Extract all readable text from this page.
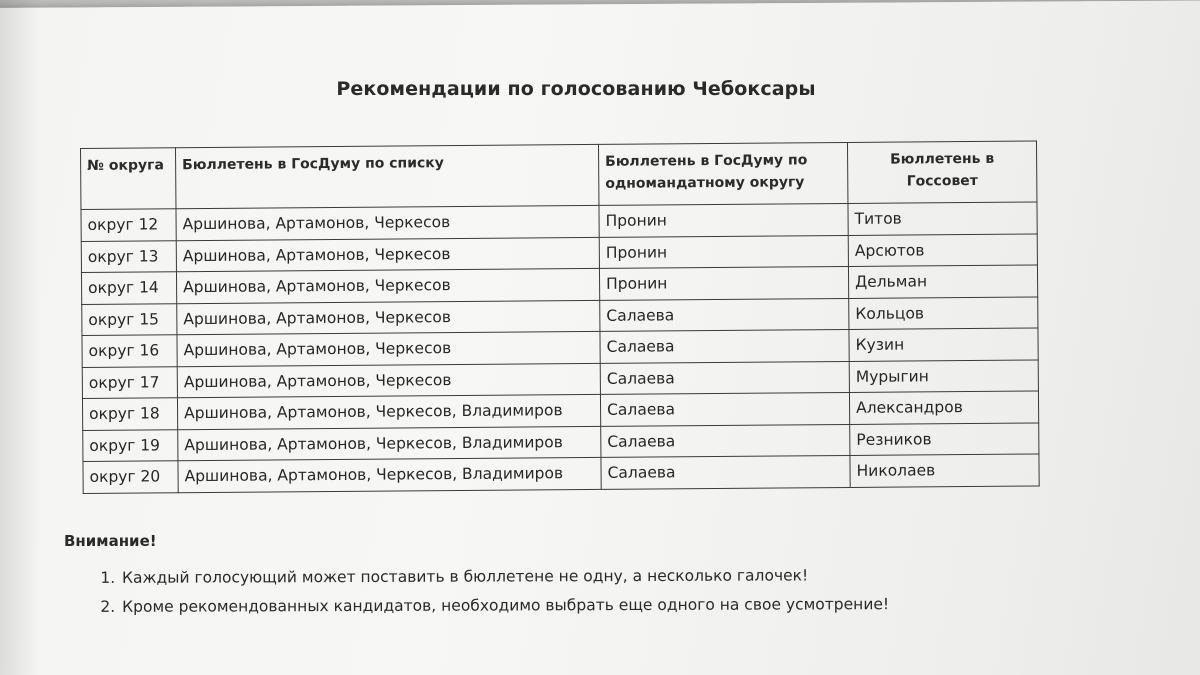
Рекомендации по голосованию Чебоксары
№ округа	Бюллетень в ГосДуму по списку	Бюллетень в ГосДуму по одномандатному округу	Бюллетень в Госсовет
округ 12	Аршинова, Артамонов, Черкесов	Пронин	Титов
округ 13	Аршинова, Артамонов, Черкесов	Пронин	Арсютов
округ 14	Аршинова, Артамонов, Черкесов	Пронин	Дельман
округ 15	Аршинова, Артамонов, Черкесов	Салаева	Кольцов
округ 16	Аршинова, Артамонов, Черкесов	Салаева	Кузин
округ 17	Аршинова, Артамонов, Черкесов	Салаева	Мурыгин
округ 18	Аршинова, Артамонов, Черкесов, Владимиров	Салаева	Александров
округ 19	Аршинова, Артамонов, Черкесов, Владимиров	Салаева	Резников
округ 20	Аршинова, Артамонов, Черкесов, Владимиров	Салаева	Николаев
Внимание!
1. Каждый голосующий может поставить в бюллетене не одну, а несколько галочек!
2. Кроме рекомендованных кандидатов, необходимо выбрать еще одного на свое усмотрение!
